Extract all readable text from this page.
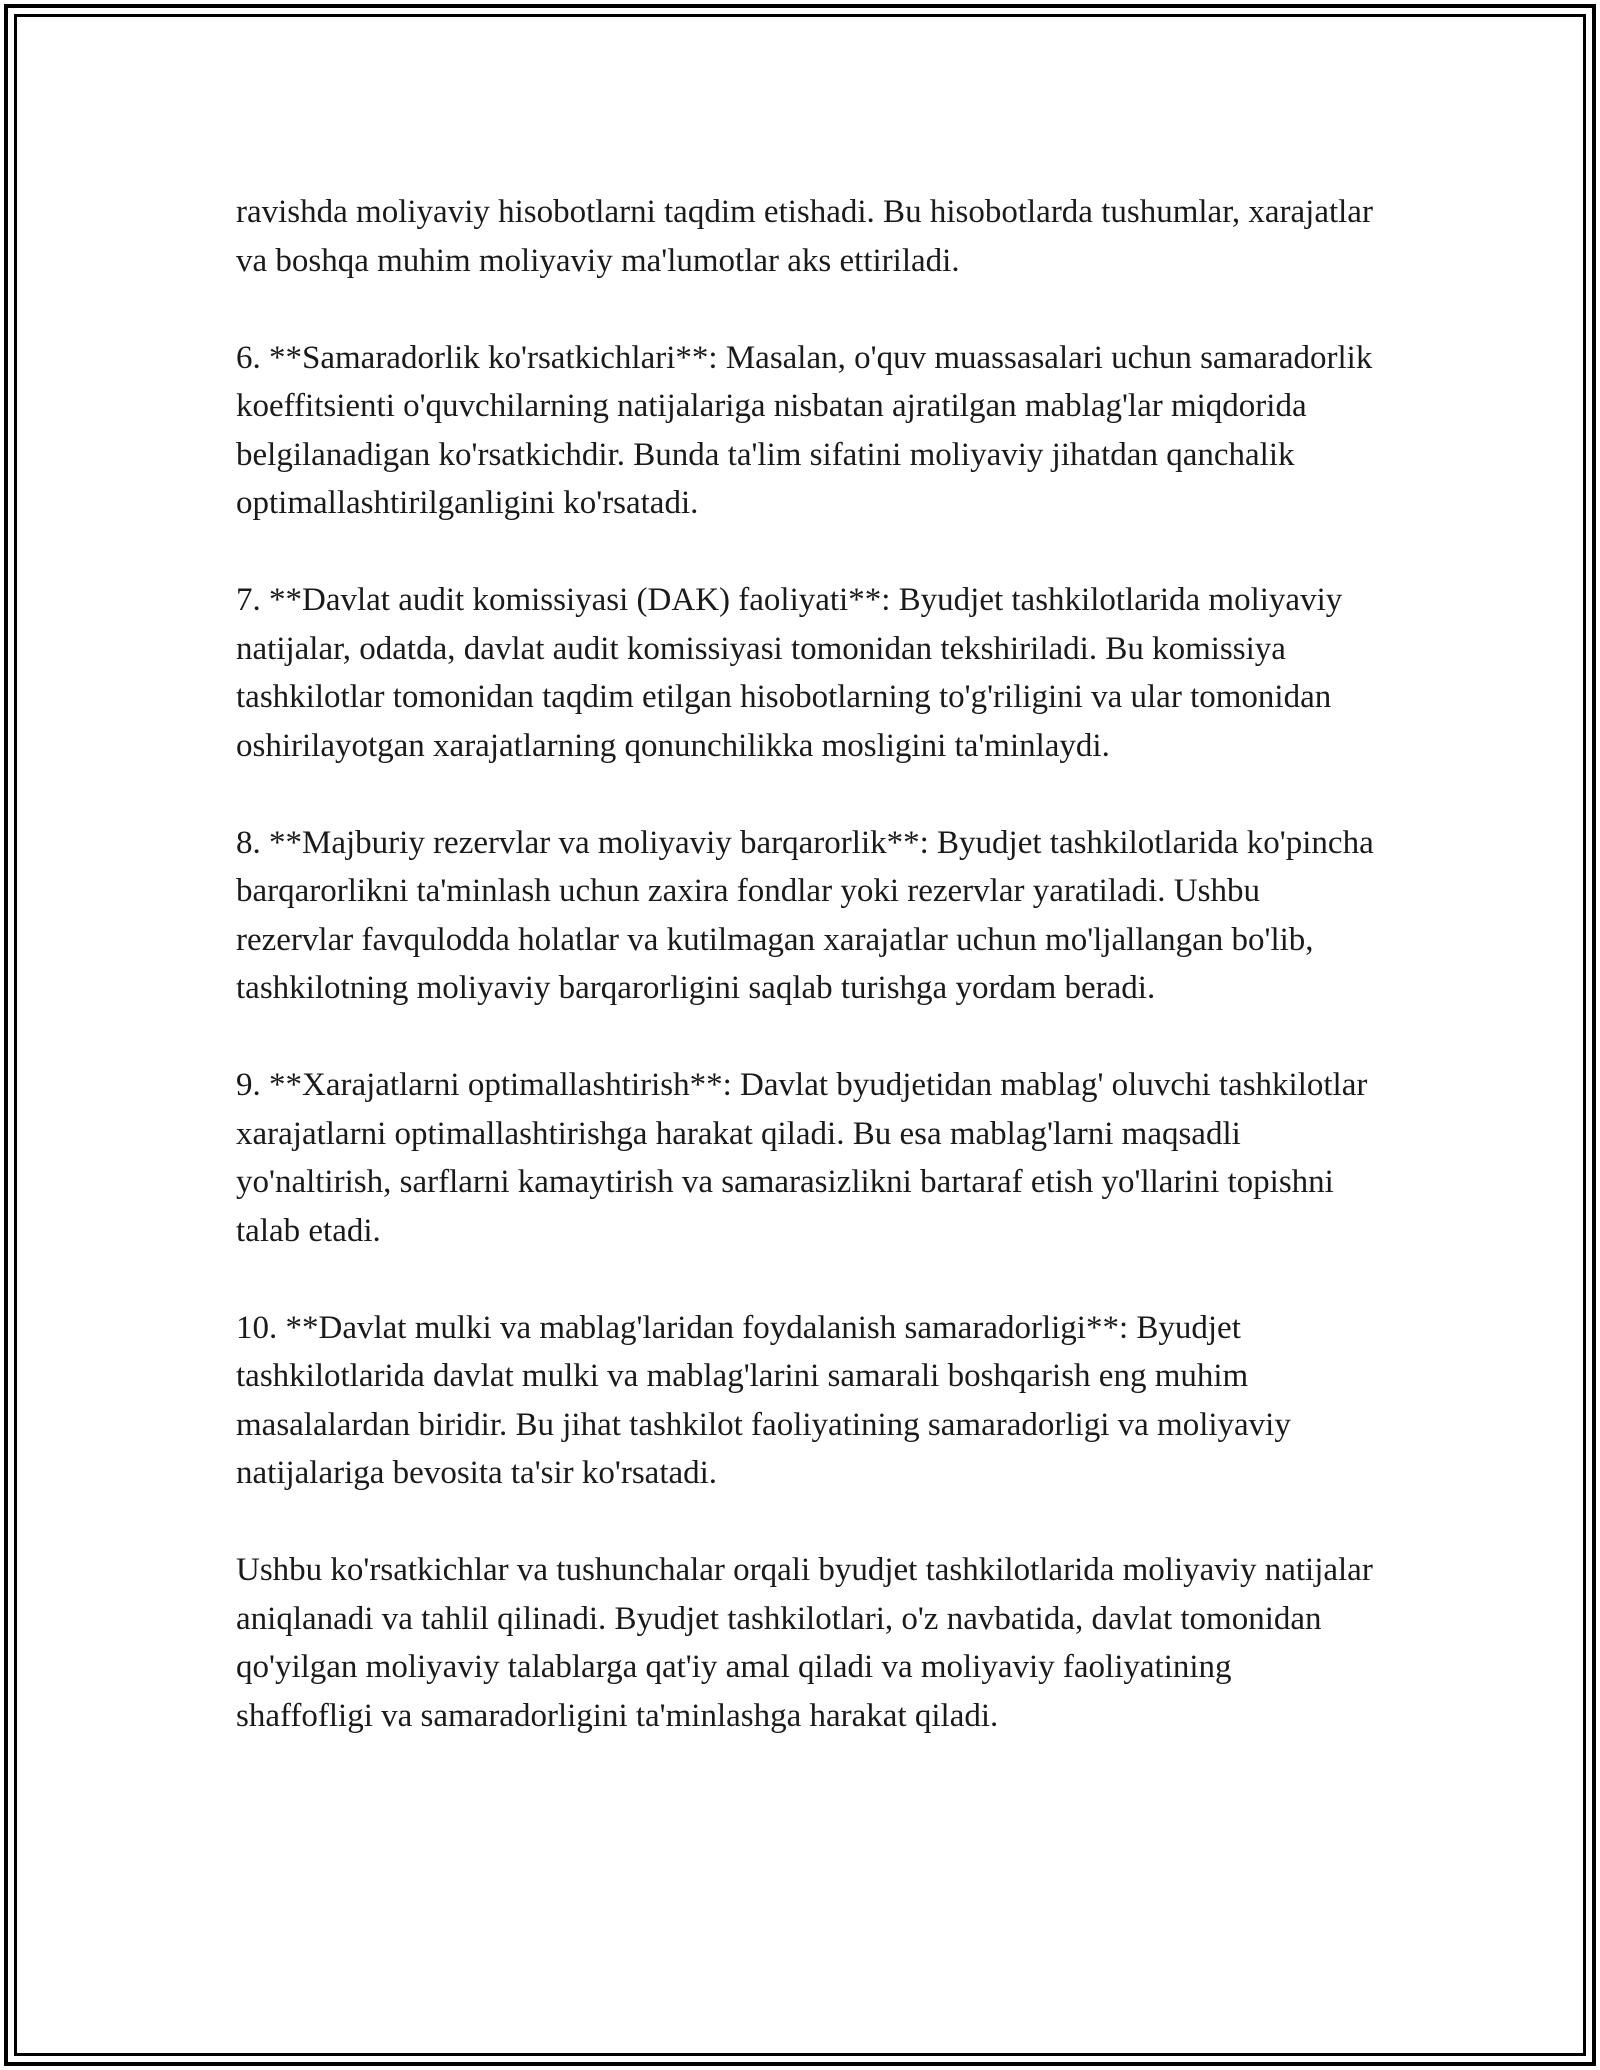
ravishda moliyaviy hisobotlarni taqdim etishadi. Bu hisobotlarda tushumlar, xarajatlar va boshqa muhim moliyaviy ma'lumotlar aks ettiriladi.

6. **Samaradorlik ko'rsatkichlari**: Masalan, o'quv muassasalari uchun samaradorlik koeffitsienti o'quvchilarning natijalariga nisbatan ajratilgan mablag'lar miqdorida belgilanadigan ko'rsatkichdir. Bunda ta'lim sifatini moliyaviy jihatdan qanchalik optimallashtirilganligini ko'rsatadi.

7. **Davlat audit komissiyasi (DAK) faoliyati**: Byudjet tashkilotlarida moliyaviy natijalar, odatda, davlat audit komissiyasi tomonidan tekshiriladi. Bu komissiya tashkilotlar tomonidan taqdim etilgan hisobotlarning to'g'riligini va ular tomonidan oshirilayotgan xarajatlarning qonunchilikka mosligini ta'minlaydi.

8. **Majburiy rezervlar va moliyaviy barqarorlik**: Byudjet tashkilotlarida ko'pincha barqarorlikni ta'minlash uchun zaxira fondlar yoki rezervlar yaratiladi. Ushbu rezervlar favqulodda holatlar va kutilmagan xarajatlar uchun mo'ljallangan bo'lib, tashkilotning moliyaviy barqarorligini saqlab turishga yordam beradi.

9. **Xarajatlarni optimallashtirish**: Davlat byudjetidan mablag' oluvchi tashkilotlar xarajatlarni optimallashtirishga harakat qiladi. Bu esa mablag'larni maqsadli yo'naltirish, sarflarni kamaytirish va samarasizlikni bartaraf etish yo'llarini topishni talab etadi.

10. **Davlat mulki va mablag'laridan foydalanish samaradorligi**: Byudjet tashkilotlarida davlat mulki va mablag'larini samarali boshqarish eng muhim masalalardan biridir. Bu jihat tashkilot faoliyatining samaradorligi va moliyaviy natijalariga bevosita ta'sir ko'rsatadi.

Ushbu ko'rsatkichlar va tushunchalar orqali byudjet tashkilotlarida moliyaviy natijalar aniqlanadi va tahlil qilinadi. Byudjet tashkilotlari, o'z navbatida, davlat tomonidan qo'yilgan moliyaviy talablarga qat'iy amal qiladi va moliyaviy faoliyatining shaffofligi va samaradorligini ta'minlashga harakat qiladi.
